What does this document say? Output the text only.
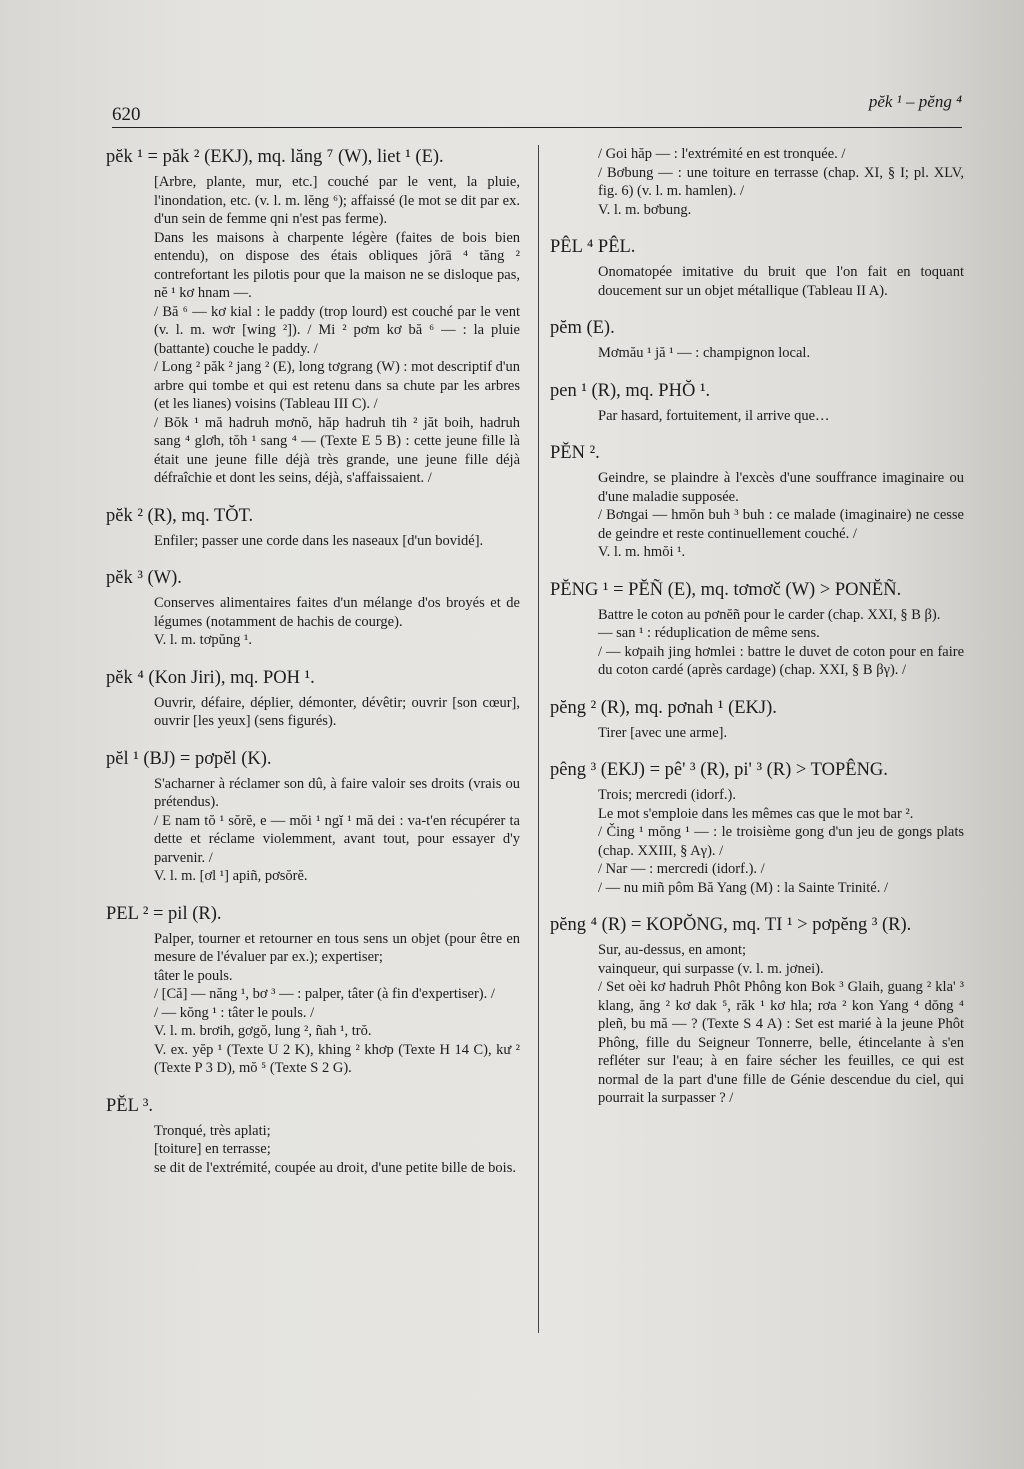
620
pĕk ¹ – pĕng ⁴
pĕk ¹ = păk ² (EKJ), mq. lăng ⁷ (W), liet ¹ (E).

[Arbre, plante, mur, etc.] couché par le vent, la pluie, l'inondation, etc. (v. l. m. lĕng ⁶); affaissé (le mot se dit par ex. d'un sein de femme qni n'est pas ferme).

Dans les maisons à charpente légère (faites de bois bien entendu), on dispose des étais obliques jŏrā ⁴ tăng ² contrefortant les pilotis pour que la maison ne se disloque pas, nĕ ¹ kơ hnam —.

/ Bă ⁶ — kơ kial : le paddy (trop lourd) est couché par le vent (v. l. m. wơr [wing ²]). / Mi ² pơm kơ bă ⁶ — : la pluie (battante) couche le paddy. /

/ Long ² păk ² jang ² (E), long tơgrang (W) : mot descriptif d'un arbre qui tombe et qui est retenu dans sa chute par les arbres (et les lianes) voisins (Tableau III C). /

/ Bŏk ¹ mă hadruh mơnŏ, hăp hadruh tih ² jăt boih, hadruh sang ⁴ glơh, tŏh ¹ sang ⁴ — (Texte E 5 B) : cette jeune fille là était une jeune fille déjà très grande, une jeune fille déjà défraîchie et dont les seins, déjà, s'affaissaient. /

pĕk ² (R), mq. TŎT.

Enfiler; passer une corde dans les naseaux [d'un bovidé].

pĕk ³ (W).

Conserves alimentaires faites d'un mélange d'os broyés et de légumes (notamment de hachis de courge).

V. l. m. tơpŭng ¹.

pĕk ⁴ (Kon Jiri), mq. POH ¹.

Ouvrir, défaire, déplier, démonter, dévêtir; ouvrir [son cœur], ouvrir [les yeux] (sens figurés).

pĕl ¹ (BJ) = pơpĕl (K).

S'acharner à réclamer son dû, à faire valoir ses droits (vrais ou prétendus).

/ E nam tŏ ¹ sŏrĕ, e — mŏi ¹ ngĭ ¹ mă dei : va-t'en récupérer ta dette et réclame violemment, avant tout, pour essayer d'y parvenir. /

V. l. m. [ơl ¹] apiñ, pơsŏrĕ.

PEL ² = pil (R).

Palper, tourner et retourner en tous sens un objet (pour être en mesure de l'évaluer par ex.); expertiser;

tâter le pouls.

/ [Că] — năng ¹, bơ ³ — : palper, tâter (à fin d'expertiser). /

/ — kŏng ¹ : tâter le pouls. /

V. l. m. brơih, gơgŏ, lung ², ñah ¹, trŏ.

V. ex. yĕp ¹ (Texte U 2 K), khing ² khơp (Texte H 14 C), kư ² (Texte P 3 D), mŏ ⁵ (Texte S 2 G).

PĔL ³.

Tronqué, très aplati;

[toiture] en terrasse;

se dit de l'extrémité, coupée au droit, d'une petite bille de bois.

/ Goi hăp — : l'extrémité en est tronquée. /

/ Bơbung — : une toiture en terrasse (chap. XI, § I; pl. XLV, fig. 6) (v. l. m. hamlen). /

V. l. m. bơbung.

PÊL ⁴ PÊL.

Onomatopée imitative du bruit que l'on fait en toquant doucement sur un objet métallique (Tableau II A).

pĕm (E).

Mơmău ¹ jă ¹ — : champignon local.

pen ¹ (R), mq. PHŎ ¹.

Par hasard, fortuitement, il arrive que…

PĔN ².

Geindre, se plaindre à l'excès d'une souffrance imaginaire ou d'une maladie supposée.

/ Bơngai — hmŏn buh ³ buh : ce malade (imaginaire) ne cesse de geindre et reste continuellement couché. /

V. l. m. hmŏi ¹.

PĔNG ¹ = PĔÑ (E), mq. tơmơč (W) > PONĔÑ.

Battre le coton au pơnĕñ pour le carder (chap. XXI, § B β).

— san ¹ : réduplication de même sens.

/ — kơpaih jing hơmlei : battre le duvet de coton pour en faire du coton cardé (après cardage) (chap. XXI, § B βγ). /

pĕng ² (R), mq. pơnah ¹ (EKJ).

Tirer [avec une arme].

pêng ³ (EKJ) = pê' ³ (R), pi' ³ (R) > TOPÊNG.

Trois; mercredi (idorf.).

Le mot s'emploie dans les mêmes cas que le mot bar ².

/ Čing ¹ mŏng ¹ — : le troisième gong d'un jeu de gongs plats (chap. XXIII, § Aγ). /

/ Nar — : mercredi (idorf.). /

/ — nu miñ pôm Bă Yang (M) : la Sainte Trinité. /

pĕng ⁴ (R) = KOPŎNG, mq. TI ¹ > pơpĕng ³ (R).

Sur, au-dessus, en amont;

vainqueur, qui surpasse (v. l. m. jơnei).

/ Set oèi kơ hadruh Phôt Phông kon Bok ³ Glaih, guang ² kla' ³ klang, ăng ² kơ dak ⁵, răk ¹ kơ hla; rơa ² kon Yang ⁴ dŏng ⁴ pleñ, bu mă — ? (Texte S 4 A) : Set est marié à la jeune Phôt Phông, fille du Seigneur Tonnerre, belle, étincelante à s'en refléter sur l'eau; à en faire sécher les feuilles, ce qui est normal de la part d'une fille de Génie descendue du ciel, qui pourrait la surpasser ? /
